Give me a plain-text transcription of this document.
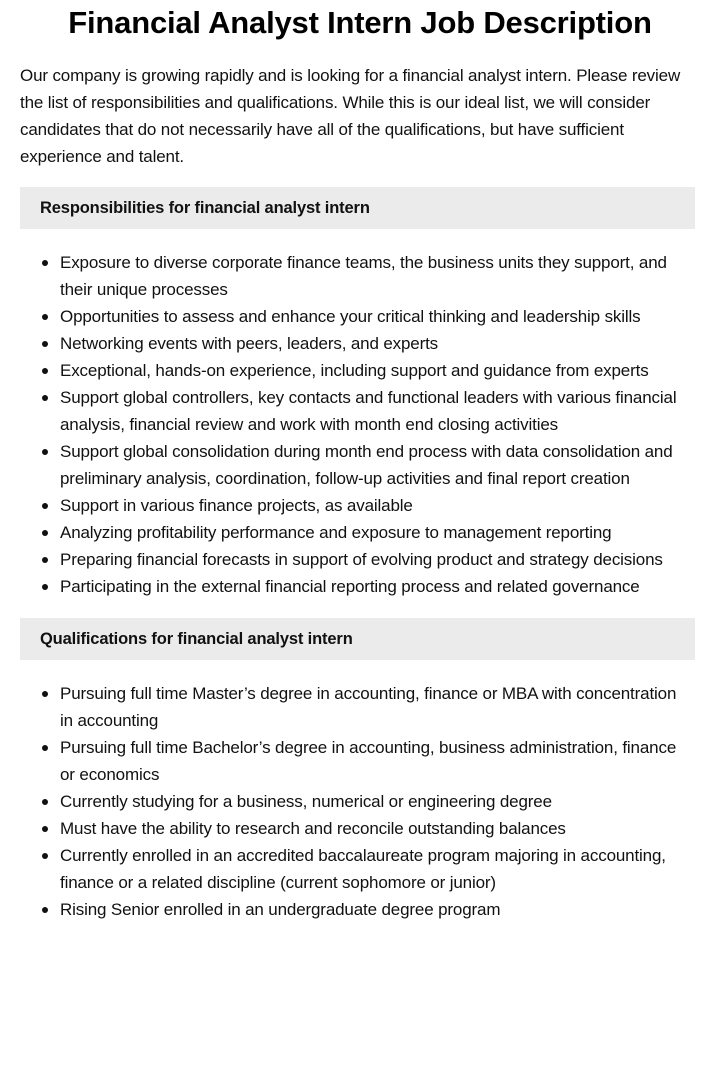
Financial Analyst Intern Job Description

Our company is growing rapidly and is looking for a financial analyst intern. Please review the list of responsibilities and qualifications. While this is our ideal list, we will consider candidates that do not necessarily have all of the qualifications, but have sufficient experience and talent.

Responsibilities for financial analyst intern
Exposure to diverse corporate finance teams, the business units they support, and their unique processes
Opportunities to assess and enhance your critical thinking and leadership skills
Networking events with peers, leaders, and experts
Exceptional, hands-on experience, including support and guidance from experts
Support global controllers, key contacts and functional leaders with various financial analysis, financial review and work with month end closing activities
Support global consolidation during month end process with data consolidation and preliminary analysis, coordination, follow-up activities and final report creation
Support in various finance projects, as available
Analyzing profitability performance and exposure to management reporting
Preparing financial forecasts in support of evolving product and strategy decisions
Participating in the external financial reporting process and related governance
Qualifications for financial analyst intern
Pursuing full time Master’s degree in accounting, finance or MBA with concentration in accounting
Pursuing full time Bachelor’s degree in accounting, business administration, finance or economics
Currently studying for a business, numerical or engineering degree
Must have the ability to research and reconcile outstanding balances
Currently enrolled in an accredited baccalaureate program majoring in accounting, finance or a related discipline (current sophomore or junior)
Rising Senior enrolled in an undergraduate degree program
